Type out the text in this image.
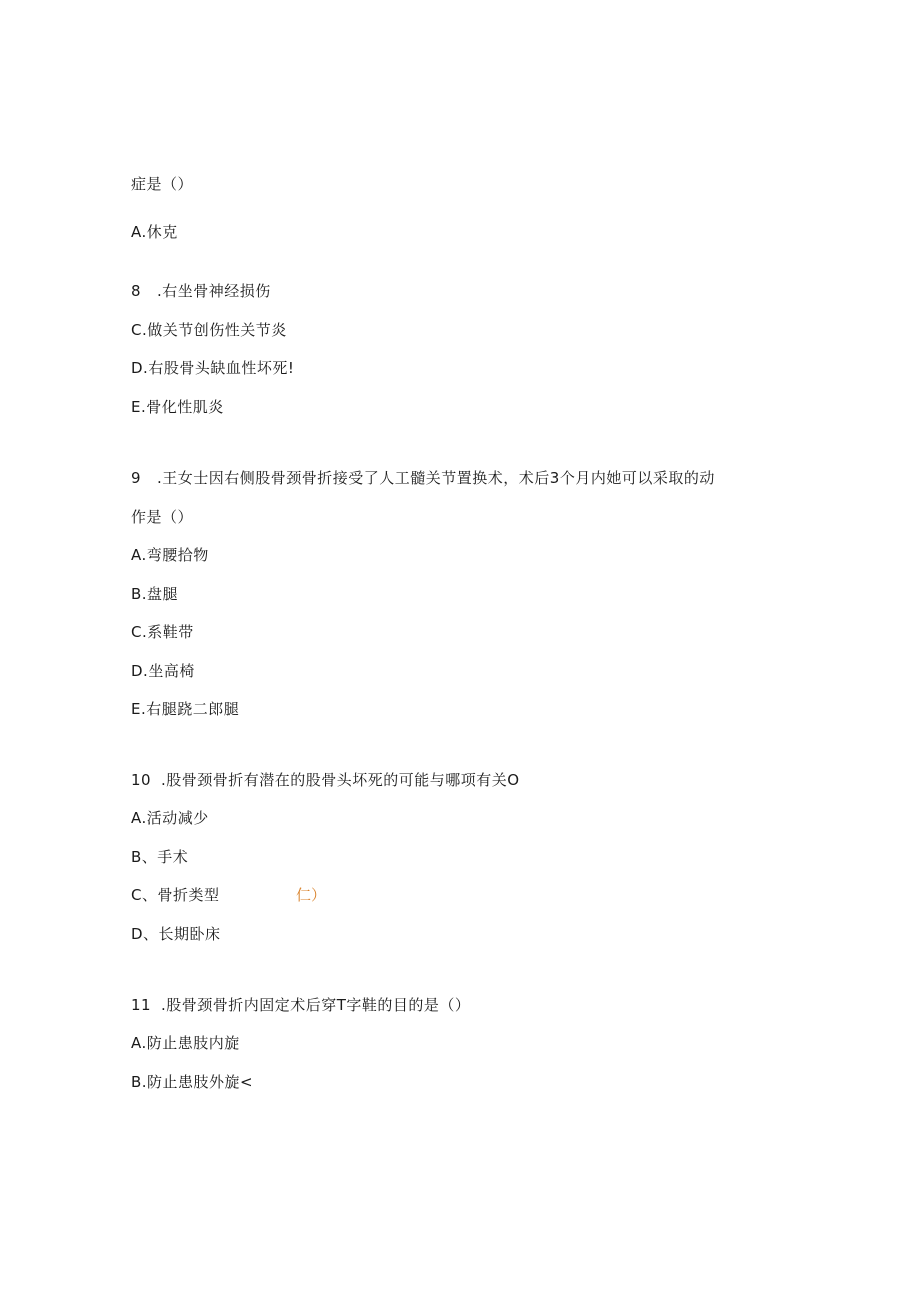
症是（）
A.休克
8 .右坐骨神经损伤
C.做关节创伤性关节炎
D.右股骨头缺血性坏死!
E.骨化性肌炎
9 .王女士因右侧股骨颈骨折接受了人工髓关节置换术，术后3个月内她可以采取的动
作是（）
A.弯腰拾物
B.盘腿
C.系鞋带
D.坐高椅
E.右腿跷二郎腿
10 .股骨颈骨折有潜在的股骨头坏死的可能与哪项有关O
A.活动减少
B、手术
C、骨折类型	仁）
D、长期卧床
11 .股骨颈骨折内固定术后穿T字鞋的目的是（）
A.防止患肢内旋
B.防止患肢外旋<
